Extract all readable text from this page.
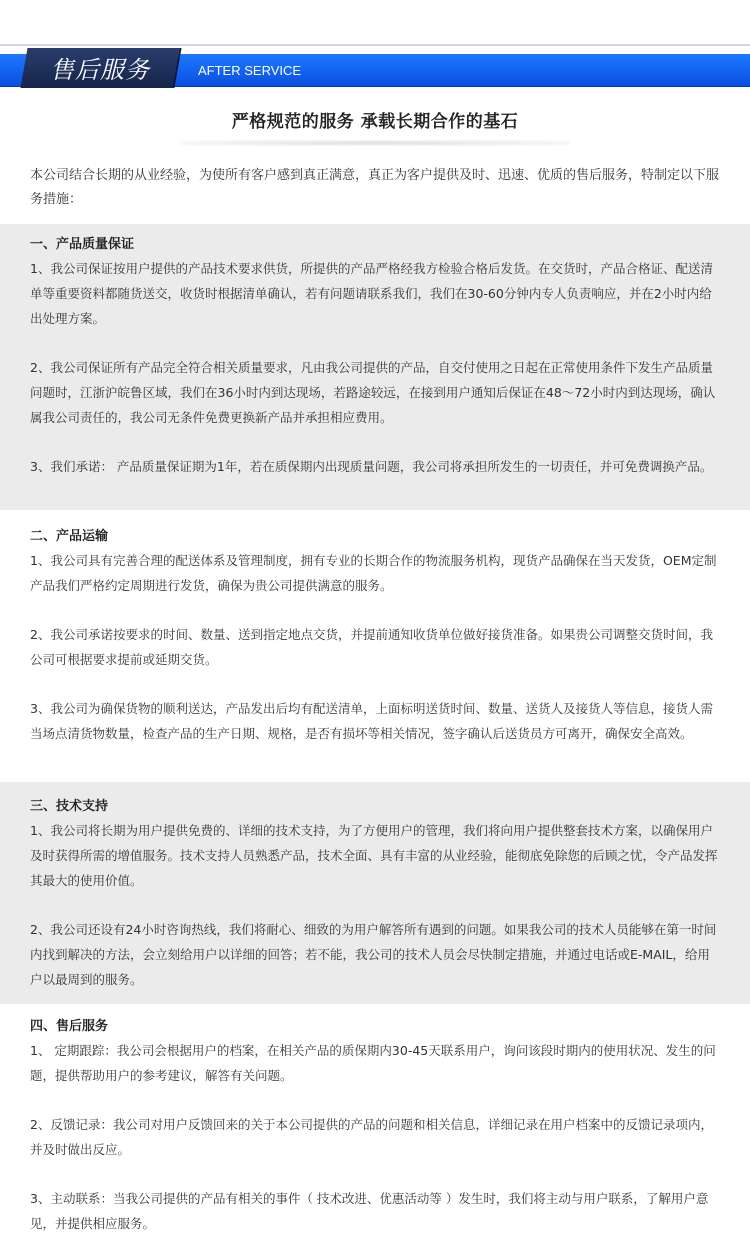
售后服务	AFTER SERVICE
严格规范的服务 承载长期合作的基石
本公司结合长期的从业经验，为使所有客户感到真正满意，真正为客户提供及时、迅速、优质的售后服务，特制定以下服务措施：
一、产品质量保证

1、我公司保证按用户提供的产品技术要求供货，所提供的产品严格经我方检验合格后发货。在交货时，产品合格证、配送清单等重要资料都随货送交，收货时根据清单确认，若有问题请联系我们，我们在30-60分钟内专人负责响应，并在2小时内给出处理方案。

2、我公司保证所有产品完全符合相关质量要求，凡由我公司提供的产品，自交付使用之日起在正常使用条件下发生产品质量问题时，江浙沪皖鲁区域，我们在36小时内到达现场，若路途较远，在接到用户通知后保证在48～72小时内到达现场，确认属我公司责任的，我公司无条件免费更换新产品并承担相应费用。

3、我们承诺： 产品质量保证期为1年，若在质保期内出现质量问题，我公司将承担所发生的一切责任，并可免费调换产品。

二、产品运输

1、我公司具有完善合理的配送体系及管理制度，拥有专业的长期合作的物流服务机构，现货产品确保在当天发货，OEM定制产品我们严格约定周期进行发货，确保为贵公司提供满意的服务。

2、我公司承诺按要求的时间、数量、送到指定地点交货，并提前通知收货单位做好接货准备。如果贵公司调整交货时间，我公司可根据要求提前或延期交货。

3、我公司为确保货物的顺利送达，产品发出后均有配送清单，上面标明送货时间、数量、送货人及接货人等信息，接货人需当场点清货物数量，检查产品的生产日期、规格，是否有损坏等相关情况，签字确认后送货员方可离开，确保安全高效。

三、技术支持

1、我公司将长期为用户提供免费的、详细的技术支持，为了方便用户的管理，我们将向用户提供整套技术方案，以确保用户及时获得所需的增值服务。技术支持人员熟悉产品，技术全面、具有丰富的从业经验，能彻底免除您的后顾之忧，令产品发挥其最大的使用价值。

2、我公司还设有24小时咨询热线，我们将耐心、细致的为用户解答所有遇到的问题。如果我公司的技术人员能够在第一时间内找到解决的方法，会立刻给用户以详细的回答；若不能，我公司的技术人员会尽快制定措施，并通过电话或E-MAIL，给用户以最周到的服务。

四、售后服务

1、 定期跟踪：我公司会根据用户的档案，在相关产品的质保期内30-45天联系用户，询问该段时期内的使用状况、发生的问题，提供帮助用户的参考建议，解答有关问题。

2、反馈记录：我公司对用户反馈回来的关于本公司提供的产品的问题和相关信息，详细记录在用户档案中的反馈记录项内，并及时做出反应。

3、主动联系：当我公司提供的产品有相关的事件（ 技术改进、优惠活动等 ）发生时，我们将主动与用户联系，了解用户意见，并提供相应服务。
